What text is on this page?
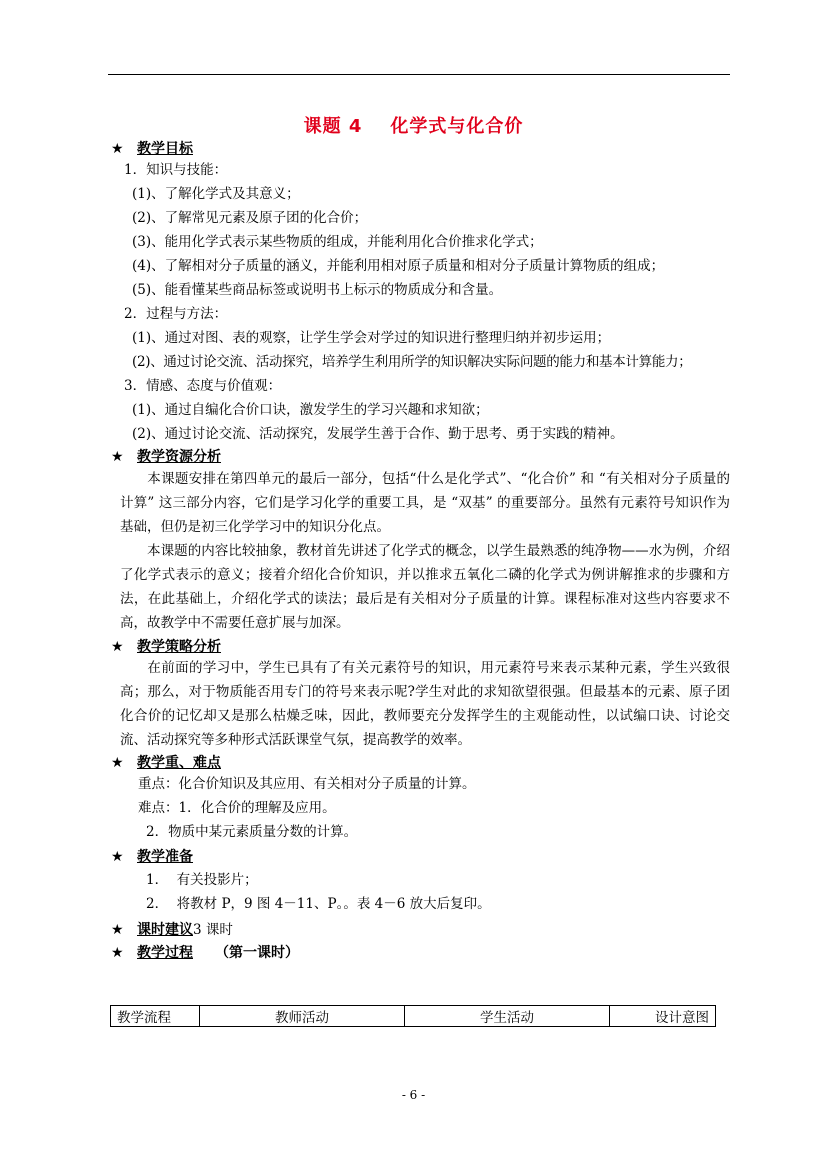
课题 4 化学式与化合价
★ 教学目标
1．知识与技能：
(1)、了解化学式及其意义；
(2)、了解常见元素及原子团的化合价；
(3)、能用化学式表示某些物质的组成，并能利用化合价推求化学式；
(4)、了解相对分子质量的涵义，并能利用相对原子质量和相对分子质量计算物质的组成；
(5)、能看懂某些商品标签或说明书上标示的物质成分和含量。
2．过程与方法：
(1)、通过对图、表的观察，让学生学会对学过的知识进行整理归纳并初步运用；
(2)、通过讨论交流、活动探究，培养学生利用所学的知识解决实际问题的能力和基本计算能力；
3．情感、态度与价值观：
(1)、通过自编化合价口诀，激发学生的学习兴趣和求知欲；
(2)、通过讨论交流、活动探究，发展学生善于合作、勤于思考、勇于实践的精神。
★ 教学资源分析
本课题安排在第四单元的最后一部分，包括“什么是化学式”、“化合价” 和 “有关相对分子质量的计算” 这三部分内容，它们是学习化学的重要工具，是 “双基” 的重要部分。虽然有元素符号知识作为基础，但仍是初三化学学习中的知识分化点。
本课题的内容比较抽象，教材首先讲述了化学式的概念，以学生最熟悉的纯净物——水为例，介绍了化学式表示的意义；接着介绍化合价知识，并以推求五氧化二磷的化学式为例讲解推求的步骤和方法，在此基础上，介绍化学式的读法；最后是有关相对分子质量的计算。课程标准对这些内容要求不高，故教学中不需要任意扩展与加深。
★ 教学策略分析
在前面的学习中，学生已具有了有关元素符号的知识，用元素符号来表示某种元素，学生兴致很高；那么，对于物质能否用专门的符号来表示呢?学生对此的求知欲望很强。但最基本的元素、原子团化合价的记忆却又是那么枯燥乏味，因此，教师要充分发挥学生的主观能动性，以试编口诀、讨论交流、活动探究等多种形式活跃课堂气氛，提高教学的效率。
★ 教学重、难点
重点：化合价知识及其应用、有关相对分子质量的计算。
难点：1．化合价的理解及应用。
2．物质中某元素质量分数的计算。
★ 教学准备
1．  有关投影片；
2．  将教材 P，9 图 4－11、P。。表 4－6 放大后复印。
★ 课时建议3 课时
★ 教学过程 （第一课时）
教学流程	教师活动	学生活动	设计意图
- 6 -
